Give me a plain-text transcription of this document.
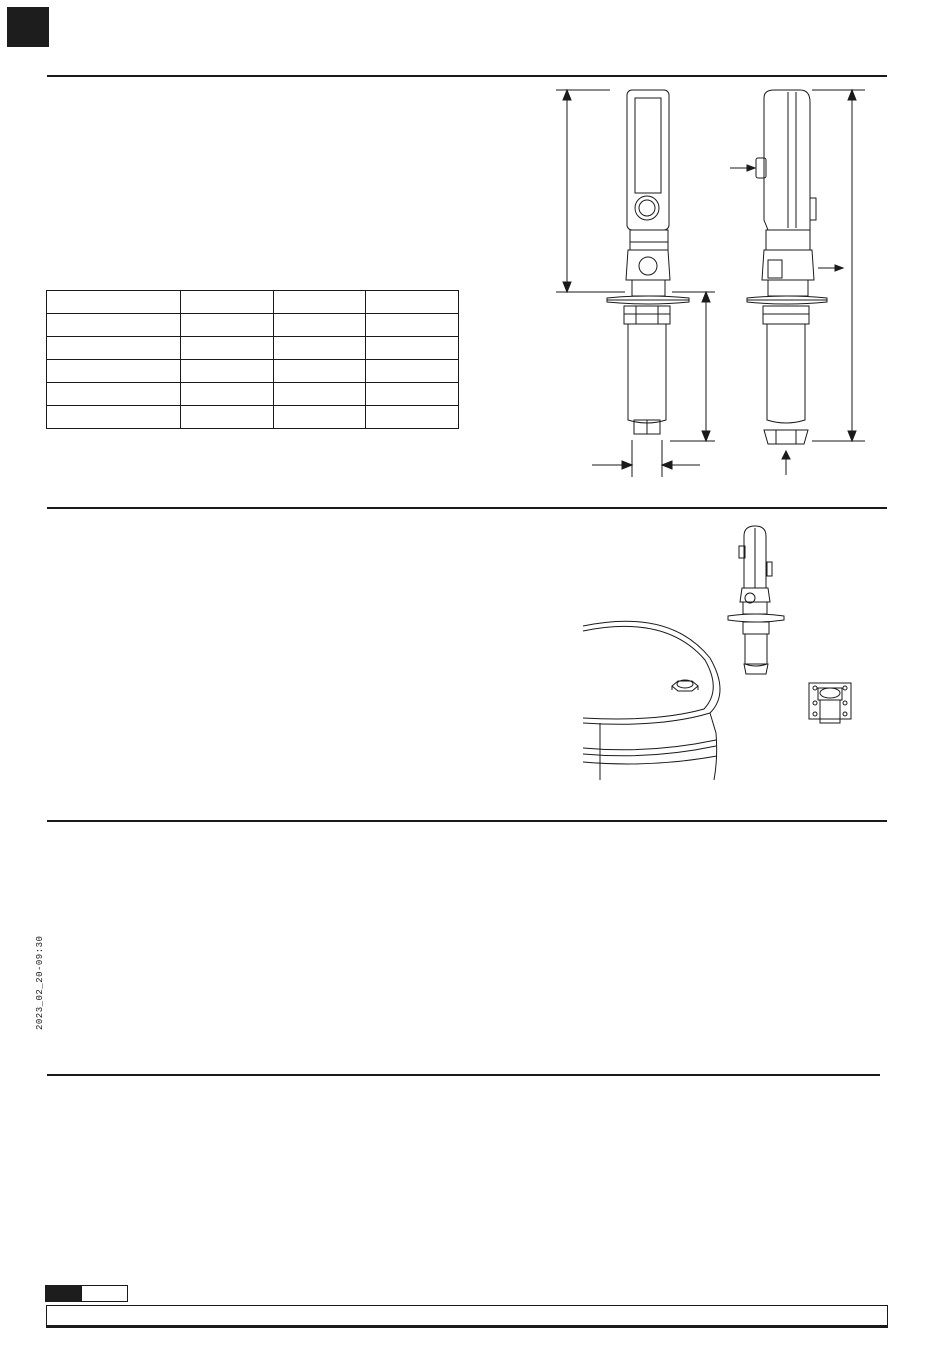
2023_02_20-09:30
